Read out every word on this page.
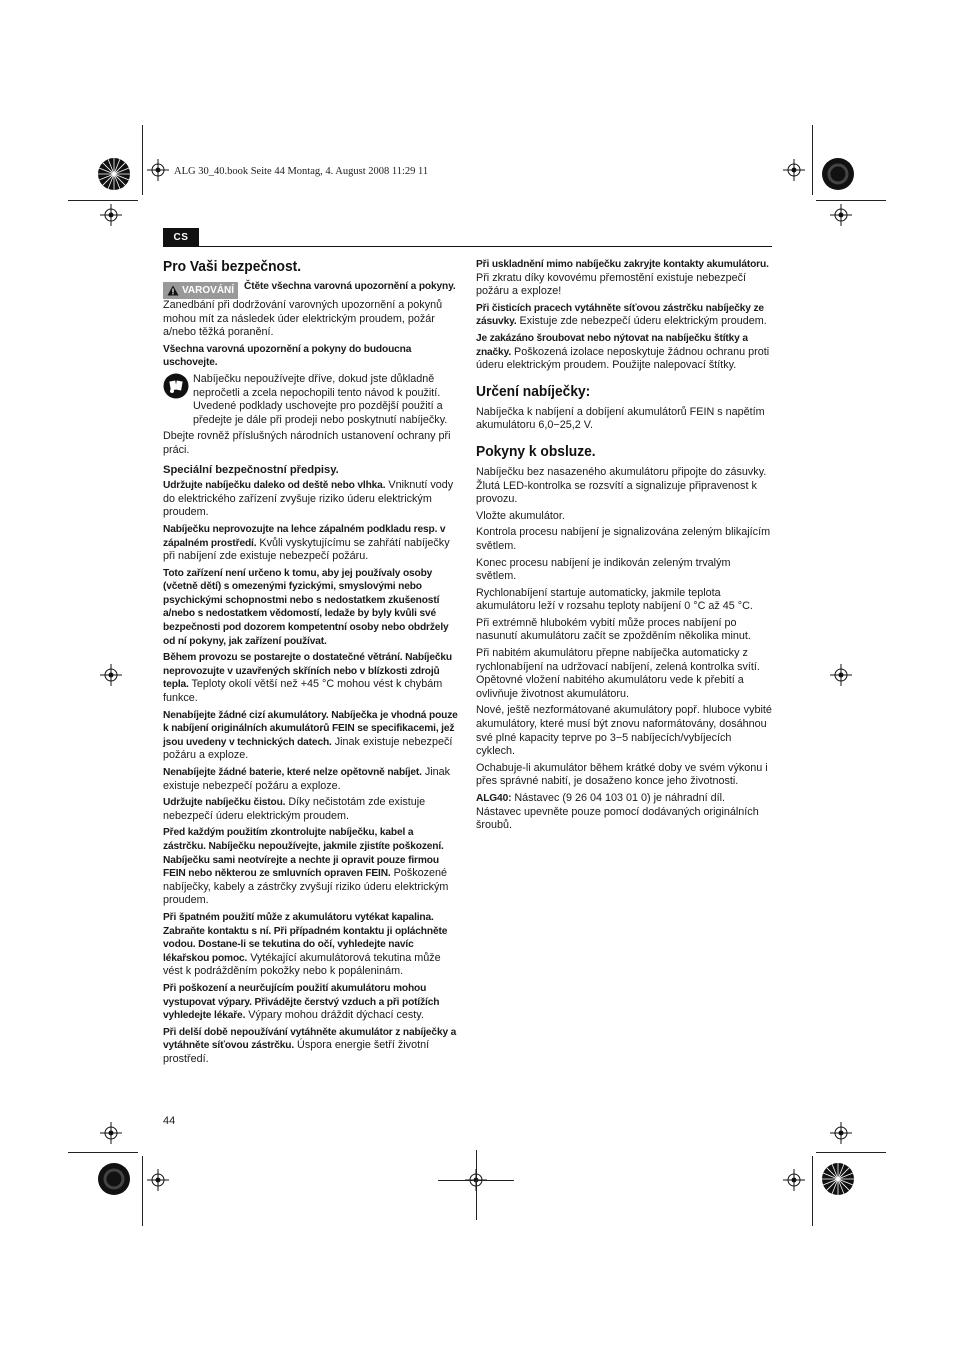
ALG 30_40.book Seite 44 Montag, 4. August 2008 11:29 11
CS
Pro Vaši bezpečnost.
VAROVÁNÍ Čtěte všechna varovná upozornění a pokyny.

Zanedbání při dodržování varovných upozornění a pokynů mohou mít za následek úder elektrickým proudem, požár a/nebo těžká poranění.

Všechna varovná upozornění a pokyny do budoucna uschovejte.

Nabíječku nepoužívejte dříve, dokud jste důkladně nepročetli a zcela nepochopili tento návod k použití. Uvedené podklady uschovejte pro pozdější použití a předejte je dále při prodeji nebo poskytnutí nabíječky.

Dbejte rovněž příslušných národních ustanovení ochrany při práci.

Speciální bezpečnostní předpisy.

Udržujte nabíječku daleko od deště nebo vlhka. Vniknutí vody do elektrického zařízení zvyšuje riziko úderu elektrickým proudem.

Nabíječku neprovozujte na lehce zápalném podkladu resp. v zápalném prostředí. Kvůli vyskytujícímu se zahřátí nabíječky při nabíjení zde existuje nebezpečí požáru.

Toto zařízení není určeno k tomu, aby jej používaly osoby (včetně dětí) s omezenými fyzickými, smyslovými nebo psychickými schopnostmi nebo s nedostatkem zkušeností a/nebo s nedostatkem vědomostí, ledaže by byly kvůli své bezpečnosti pod dozorem kompetentní osoby nebo obdržely od ní pokyny, jak zařízení používat.

Během provozu se postarejte o dostatečné větrání. Nabíječku neprovozujte v uzavřených skříních nebo v blízkosti zdrojů tepla. Teploty okolí větší než +45 °C mohou vést k chybám funkce.

Nenabíjejte žádné cizí akumulátory. Nabíječka je vhodná pouze k nabíjení originálních akumulátorů FEIN se specifikacemi, jež jsou uvedeny v technických datech. Jinak existuje nebezpečí požáru a exploze.

Nenabíjejte žádné baterie, které nelze opětovně nabíjet. Jinak existuje nebezpečí požáru a exploze.

Udržujte nabíječku čistou. Díky nečistotám zde existuje nebezpečí úderu elektrickým proudem.

Před každým použitím zkontrolujte nabíječku, kabel a zástrčku. Nabíječku nepoužívejte, jakmile zjistíte poškození. Nabíječku sami neotvírejte a nechte ji opravit pouze firmou FEIN nebo některou ze smluvních opraven FEIN. Poškozené nabíječky, kabely a zástrčky zvyšují riziko úderu elektrickým proudem.

Při špatném použití může z akumulátoru vytékat kapalina. Zabraňte kontaktu s ní. Při případném kontaktu ji opláchněte vodou. Dostane-li se tekutina do očí, vyhledejte navíc lékařskou pomoc. Vytékající akumulátorová tekutina může vést k podrážděním pokožky nebo k popáleninám.

Při poškození a neurčujícím použití akumulátoru mohou vystupovat výpary. Přivádějte čerstvý vzduch a při potížích vyhledejte lékaře. Výpary mohou dráždit dýchací cesty.

Při delší době nepoužívání vytáhněte akumulátor z nabíječky a vytáhněte síťovou zástrčku. Úspora energie šetří životní prostředí.

Při uskladnění mimo nabíječku zakryjte kontakty akumulátoru. Při zkratu díky kovovému přemostění existuje nebezpečí požáru a exploze!

Při čisticích pracech vytáhněte síťovou zástrčku nabíječky ze zásuvky. Existuje zde nebezpečí úderu elektrickým proudem.

Je zakázáno šroubovat nebo nýtovat na nabíječku štítky a značky. Poškozená izolace neposkytuje žádnou ochranu proti úderu elektrickým proudem. Použijte nalepovací štítky.

Určení nabíječky:

Nabíječka k nabíjení a dobíjení akumulátorů FEIN s napětím akumulátoru 6,0−25,2 V.

Pokyny k obsluze.

Nabíječku bez nasazeného akumulátoru připojte do zásuvky. Žlutá LED-kontrolka se rozsvítí a signalizuje připravenost k provozu.

Vložte akumulátor.

Kontrola procesu nabíjení je signalizována zeleným blikajícím světlem.

Konec procesu nabíjení je indikován zeleným trvalým světlem.

Rychlonabíjení startuje automaticky, jakmile teplota akumulátoru leží v rozsahu teploty nabíjení 0 °C až 45 °C.

Při extrémně hlubokém vybití může proces nabíjení po nasunutí akumulátoru začít se zpožděním několika minut.

Při nabitém akumulátoru přepne nabíječka automaticky z rychlonabíjení na udržovací nabíjení, zelená kontrolka svítí. Opětovné vložení nabitého akumulátoru vede k přebití a ovlivňuje životnost akumulátoru.

Nové, ještě nezformátované akumulátory popř. hluboce vybité akumulátory, které musí být znovu naformátovány, dosáhnou své plné kapacity teprve po 3−5 nabíjecích/vybíjecích cyklech.

Ochabuje-li akumulátor během krátké doby ve svém výkonu i přes správné nabití, je dosaženo konce jeho životnosti.

ALG40: Nástavec (9 26 04 103 01 0) je náhradní díl. Nástavec upevněte pouze pomocí dodávaných originálních šroubů.

44
